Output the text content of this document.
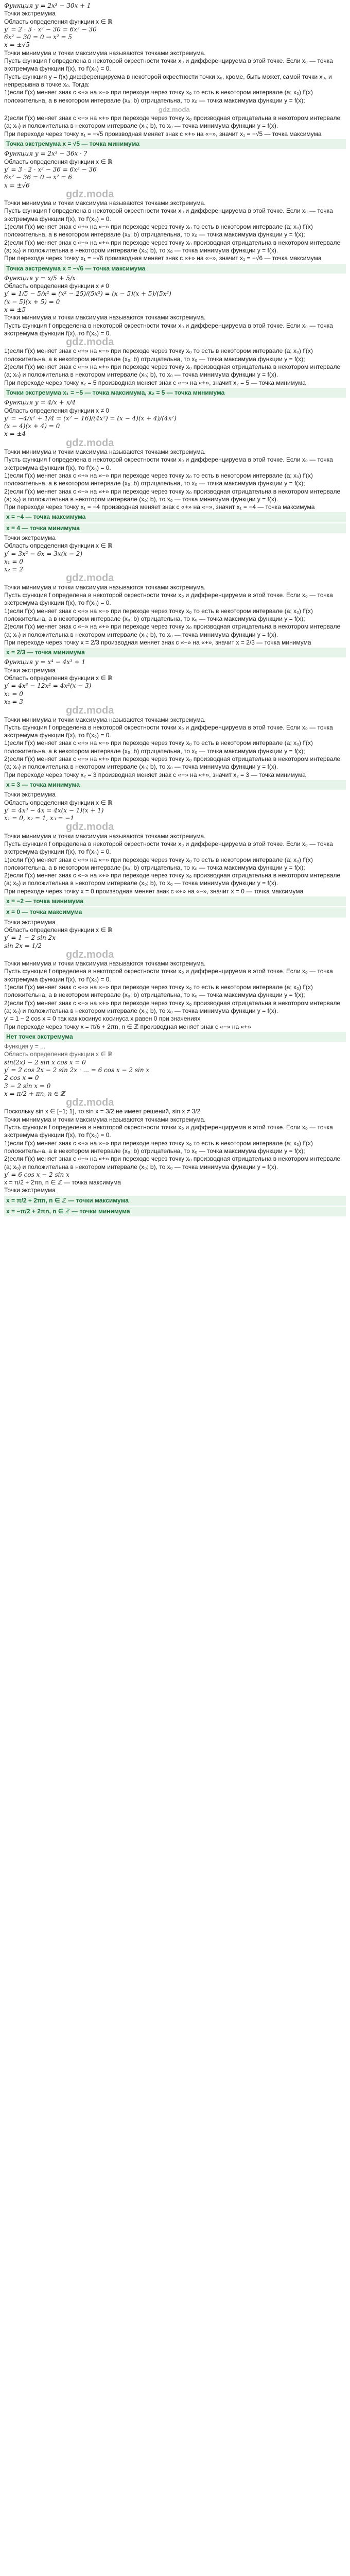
Функция y = 2x³ − 30x + 1
Точки экстремума
Область определения функции x ∈ ℝ
y′ = 2 · 3 · x² − 30 = 6x² − 30
6x² − 30 = 0 → x² = 5
x = ±√5
Точки минимума и точки максимума называются точками экстремума.
Пусть функция f определена в некоторой окрестности точки x₀ и дифференцируема в этой точке. Если x₀ — точка экстремума функции f(x), то f′(x₀) = 0.
Пусть функция y = f(x) дифференцируема в некоторой окрестности точки x₀, кроме, быть может, самой точки x₀, и непрерывна в точке x₀. Тогда:
1)если f′(x) меняет знак с «+» на «−» при переходе через точку x₀ то есть в некотором интервале (a; x₀) f′(x) положительна, а в некотором интервале (x₀; b) отрицательна, то x₀ — точка максимума функции y = f(x);
gdz.moda
2)если f′(x) меняет знак с «−» на «+» при переходе через точку x₀ производная отрицательна в некотором интервале (a; x₀) и положительна в некотором интервале (x₀; b), то x₀ — точка минимума функции y = f(x).
При переходе через точку x₁ = −√5 производная меняет знак с «+» на «−», значит x₁ = −√5 — точка максимума
Точка экстремума x = √5 — точка минимума
Функция y = 2x³ − 36x · ?
Область определения функции x ∈ ℝ
y′ = 3 · 2 · x² − 36 = 6x² − 36
6x² − 36 = 0 → x² = 6
x = ±√6
gdz.moda
Точки минимума и точки максимума называются точками экстремума.
Пусть функция f определена в некоторой окрестности точки x₀ и дифференцируема в этой точке. Если x₀ — точка экстремума функции f(x), то f′(x₀) = 0.
1)если f′(x) меняет знак с «+» на «−» при переходе через точку x₀ то есть в некотором интервале (a; x₀) f′(x) положительна, а в некотором интервале (x₀; b) отрицательна, то x₀ — точка максимума функции y = f(x);
2)если f′(x) меняет знак с «−» на «+» при переходе через точку x₀ производная отрицательна в некотором интервале (a; x₀) и положительна в некотором интервале (x₀; b), то x₀ — точка минимума функции y = f(x).
При переходе через точку x₁ = −√6 производная меняет знак с «+» на «−», значит x₁ = −√6 — точка максимума
Точка экстремума x = −√6 — точка максимума
Функция y = x/5 + 5/x
Область определения функции x ≠ 0
y′ = 1/5 − 5/x² = (x² − 25)/(5x²) = (x − 5)(x + 5)/(5x²)
(x − 5)(x + 5) = 0
x = ±5
Точки минимума и точки максимума называются точками экстремума.
Пусть функция f определена в некоторой окрестности точки x₀ и дифференцируема в этой точке. Если x₀ — точка экстремума функции f(x), то f′(x₀) = 0.
gdz.moda
1)если f′(x) меняет знак с «+» на «−» при переходе через точку x₀ то есть в некотором интервале (a; x₀) f′(x) положительна, а в некотором интервале (x₀; b) отрицательна, то x₀ — точка максимума функции y = f(x);
2)если f′(x) меняет знак с «−» на «+» при переходе через точку x₀ производная отрицательна в некотором интервале (a; x₀) и положительна в некотором интервале (x₀; b), то x₀ — точка минимума функции y = f(x).
При переходе через точку x₂ = 5 производная меняет знак с «−» на «+», значит x₂ = 5 — точка минимума
Точки экстремума x₁ = −5 — точка максимума, x₂ = 5 — точка минимума
Функция y = 4/x + x/4
Область определения функции x ≠ 0
y′ = −4/x² + 1/4 = (x² − 16)/(4x²) = (x − 4)(x + 4)/(4x²)
(x − 4)(x + 4) = 0
x = ±4
gdz.moda
Точки минимума и точки максимума называются точками экстремума.
Пусть функция f определена в некоторой окрестности точки x₀ и дифференцируема в этой точке. Если x₀ — точка экстремума функции f(x), то f′(x₀) = 0.
1)если f′(x) меняет знак с «+» на «−» при переходе через точку x₀ то есть в некотором интервале (a; x₀) f′(x) положительна, а в некотором интервале (x₀; b) отрицательна, то x₀ — точка максимума функции y = f(x);
2)если f′(x) меняет знак с «−» на «+» при переходе через точку x₀ производная отрицательна в некотором интервале (a; x₀) и положительна в некотором интервале (x₀; b), то x₀ — точка минимума функции y = f(x).
При переходе через точку x₁ = −4 производная меняет знак с «+» на «−», значит x₁ = −4 — точка максимума
x = −4 — точка максимума
x = 4 — точка минимума
Точки экстремума
Область определения функции x ∈ ℝ
y′ = 3x² − 6x = 3x(x − 2)
x₁ = 0
x₂ = 2
gdz.moda
Точки минимума и точки максимума называются точками экстремума.
Пусть функция f определена в некоторой окрестности точки x₀ и дифференцируема в этой точке. Если x₀ — точка экстремума функции f(x), то f′(x₀) = 0.
1)если f′(x) меняет знак с «+» на «−» при переходе через точку x₀ то есть в некотором интервале (a; x₀) f′(x) положительна, а в некотором интервале (x₀; b) отрицательна, то x₀ — точка максимума функции y = f(x);
2)если f′(x) меняет знак с «−» на «+» при переходе через точку x₀ производная отрицательна в некотором интервале (a; x₀) и положительна в некотором интервале (x₀; b), то x₀ — точка минимума функции y = f(x).
При переходе через точку x = 2/3 производная меняет знак с «−» на «+», значит x = 2/3 — точка минимума
x = 2/3 — точка минимума
Функция y = x⁴ − 4x³ + 1
Точки экстремума
Область определения функции x ∈ ℝ
y′ = 4x³ − 12x² = 4x²(x − 3)
x₁ = 0
x₂ = 3
gdz.moda
Точки минимума и точки максимума называются точками экстремума.
Пусть функция f определена в некоторой окрестности точки x₀ и дифференцируема в этой точке. Если x₀ — точка экстремума функции f(x), то f′(x₀) = 0.
1)если f′(x) меняет знак с «+» на «−» при переходе через точку x₀ то есть в некотором интервале (a; x₀) f′(x) положительна, а в некотором интервале (x₀; b) отрицательна, то x₀ — точка максимума функции y = f(x);
2)если f′(x) меняет знак с «−» на «+» при переходе через точку x₀ производная отрицательна в некотором интервале (a; x₀) и положительна в некотором интервале (x₀; b), то x₀ — точка минимума функции y = f(x).
При переходе через точку x₂ = 3 производная меняет знак с «−» на «+», значит x₂ = 3 — точка минимума
x = 3 — точка минимума
Точки экстремума
Область определения функции x ∈ ℝ
y′ = 4x³ − 4x = 4x(x − 1)(x + 1)
x₁ = 0, x₂ = 1, x₃ = −1
gdz.moda
Точки минимума и точки максимума называются точками экстремума.
Пусть функция f определена в некоторой окрестности точки x₀ и дифференцируема в этой точке. Если x₀ — точка экстремума функции f(x), то f′(x₀) = 0.
1)если f′(x) меняет знак с «+» на «−» при переходе через точку x₀ то есть в некотором интервале (a; x₀) f′(x) положительна, а в некотором интервале (x₀; b) отрицательна, то x₀ — точка максимума функции y = f(x);
2)если f′(x) меняет знак с «−» на «+» при переходе через точку x₀ производная отрицательна в некотором интервале (a; x₀) и положительна в некотором интервале (x₀; b), то x₀ — точка минимума функции y = f(x).
При переходе через точку x = 0 производная меняет знак с «+» на «−», значит x = 0 — точка максимума
x = −2 — точка минимума
x = 0 — точка максимума
Точки экстремума
Область определения функции x ∈ ℝ
y′ = 1 − 2 sin 2x
sin 2x = 1/2
gdz.moda
Точки минимума и точки максимума называются точками экстремума.
Пусть функция f определена в некоторой окрестности точки x₀ и дифференцируема в этой точке. Если x₀ — точка экстремума функции f(x), то f′(x₀) = 0.
1)если f′(x) меняет знак с «+» на «−» при переходе через точку x₀ то есть в некотором интервале (a; x₀) f′(x) положительна, а в некотором интервале (x₀; b) отрицательна, то x₀ — точка максимума функции y = f(x);
2)если f′(x) меняет знак с «−» на «+» при переходе через точку x₀ производная отрицательна в некотором интервале (a; x₀) и положительна в некотором интервале (x₀; b), то x₀ — точка минимума функции y = f(x).
y′ = 1 − 2 cos x = 0 так как косинус косинуса x равен 0 при значениях
При переходе через точку x = π/6 + 2πn, n ∈ ℤ производная меняет знак с «−» на «+»
Нет точек экстремума
Функция y = ...
Область определения функции x ∈ ℝ
sin(2x) − 2 sin x cos x = 0
y′ = 2 cos 2x − 2 sin 2x · ... = 6 cos x − 2 sin x
2 cos x = 0
3 − 2 sin x = 0
x = π/2 + πn, n ∈ ℤ
gdz.moda
Поскольку sin x ∈ [−1; 1], то sin x = 3/2 не имеет решений, sin x ≠ 3/2
Точки минимума и точки максимума называются точками экстремума.
Пусть функция f определена в некоторой окрестности точки x₀ и дифференцируема в этой точке. Если x₀ — точка экстремума функции f(x), то f′(x₀) = 0.
1)если f′(x) меняет знак с «+» на «−» при переходе через точку x₀ то есть в некотором интервале (a; x₀) f′(x) положительна, а в некотором интервале (x₀; b) отрицательна, то x₀ — точка максимума функции y = f(x);
2)если f′(x) меняет знак с «−» на «+» при переходе через точку x₀ производная отрицательна в некотором интервале (a; x₀) и положительна в некотором интервале (x₀; b), то x₀ — точка минимума функции y = f(x).
y′ = 6 cos x − 2 sin x
x = π/2 + 2πn, n ∈ ℤ — точка максимума
Точки экстремума
x = π/2 + 2πn, n ∈ ℤ — точки максимума
x = −π/2 + 2πn, n ∈ ℤ — точки минимума
